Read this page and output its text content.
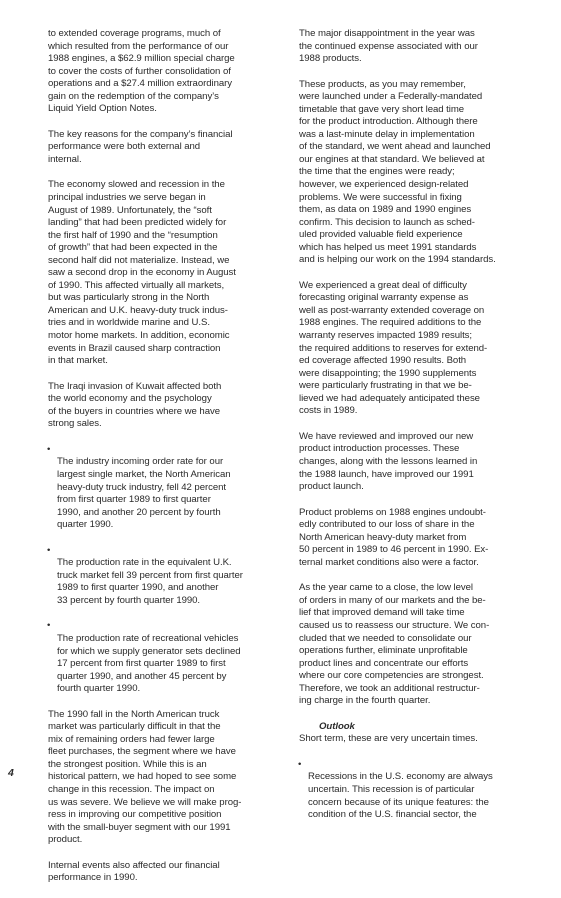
to extended coverage programs, much of
which resulted from the performance of our
1988 engines, a $62.9 million special charge
to cover the costs of further consolidation of
operations and a $27.4 million extraordinary
gain on the redemption of the company’s
Liquid Yield Option Notes.

The key reasons for the company’s financial
performance were both external and
internal.

The economy slowed and recession in the
principal industries we serve began in
August of 1989. Unfortunately, the “soft
landing” that had been predicted widely for
the first half of 1990 and the “resumption
of growth” that had been expected in the
second half did not materialize. Instead, we
saw a second drop in the economy in August
of 1990. This affected virtually all markets,
but was particularly strong in the North
American and U.K. heavy-duty truck indus-
tries and in worldwide marine and U.S.
motor home markets. In addition, economic
events in Brazil caused sharp contraction
in that market.

The Iraqi invasion of Kuwait affected both
the world economy and the psychology
of the buyers in countries where we have
strong sales.

•
The industry incoming order rate for our
largest single market, the North American
heavy-duty truck industry, fell 42 percent
from first quarter 1989 to first quarter
1990, and another 20 percent by fourth
quarter 1990.

•
The production rate in the equivalent U.K.
truck market fell 39 percent from first quarter
1989 to first quarter 1990, and another
33 percent by fourth quarter 1990.

•
The production rate of recreational vehicles
for which we supply generator sets declined
17 percent from first quarter 1989 to first
quarter 1990, and another 45 percent by
fourth quarter 1990.

The 1990 fall in the North American truck
market was particularly difficult in that the
mix of remaining orders had fewer large
fleet purchases, the segment where we have
the strongest position. While this is an
historical pattern, we had hoped to see some
change in this recession. The impact on
us was severe. We believe we will make prog-
ress in improving our competitive position
with the small-buyer segment with our 1991
product.

Internal events also affected our financial
performance in 1990.

The major disappointment in the year was
the continued expense associated with our
1988 products.

These products, as you may remember,
were launched under a Federally-mandated
timetable that gave very short lead time
for the product introduction. Although there
was a last-minute delay in implementation
of the standard, we went ahead and launched
our engines at that standard. We believed at
the time that the engines were ready;
however, we experienced design-related
problems. We were successful in fixing
them, as data on 1989 and 1990 engines
confirm. This decision to launch as sched-
uled provided valuable field experience
which has helped us meet 1991 standards
and is helping our work on the 1994 standards.

We experienced a great deal of difficulty
forecasting original warranty expense as
well as post-warranty extended coverage on
1988 engines. The required additions to the
warranty reserves impacted 1989 results;
the required additions to reserves for extend-
ed coverage affected 1990 results. Both
were disappointing; the 1990 supplements
were particularly frustrating in that we be-
lieved we had adequately anticipated these
costs in 1989.

We have reviewed and improved our new
product introduction processes. These
changes, along with the lessons learned in
the 1988 launch, have improved our 1991
product launch.

Product problems on 1988 engines undoubt-
edly contributed to our loss of share in the
North American heavy-duty market from
50 percent in 1989 to 46 percent in 1990. Ex-
ternal market conditions also were a factor.

As the year came to a close, the low level
of orders in many of our markets and the be-
lief that improved demand will take time
caused us to reassess our structure. We con-
cluded that we needed to consolidate our
operations further, eliminate unprofitable
product lines and concentrate our efforts
where our core competencies are strongest.
Therefore, we took an additional restructur-
ing charge in the fourth quarter.

Outlook

Short term, these are very uncertain times.

•
Recessions in the U.S. economy are always
uncertain. This recession is of particular
concern because of its unique features: the
condition of the U.S. financial sector, the

4
